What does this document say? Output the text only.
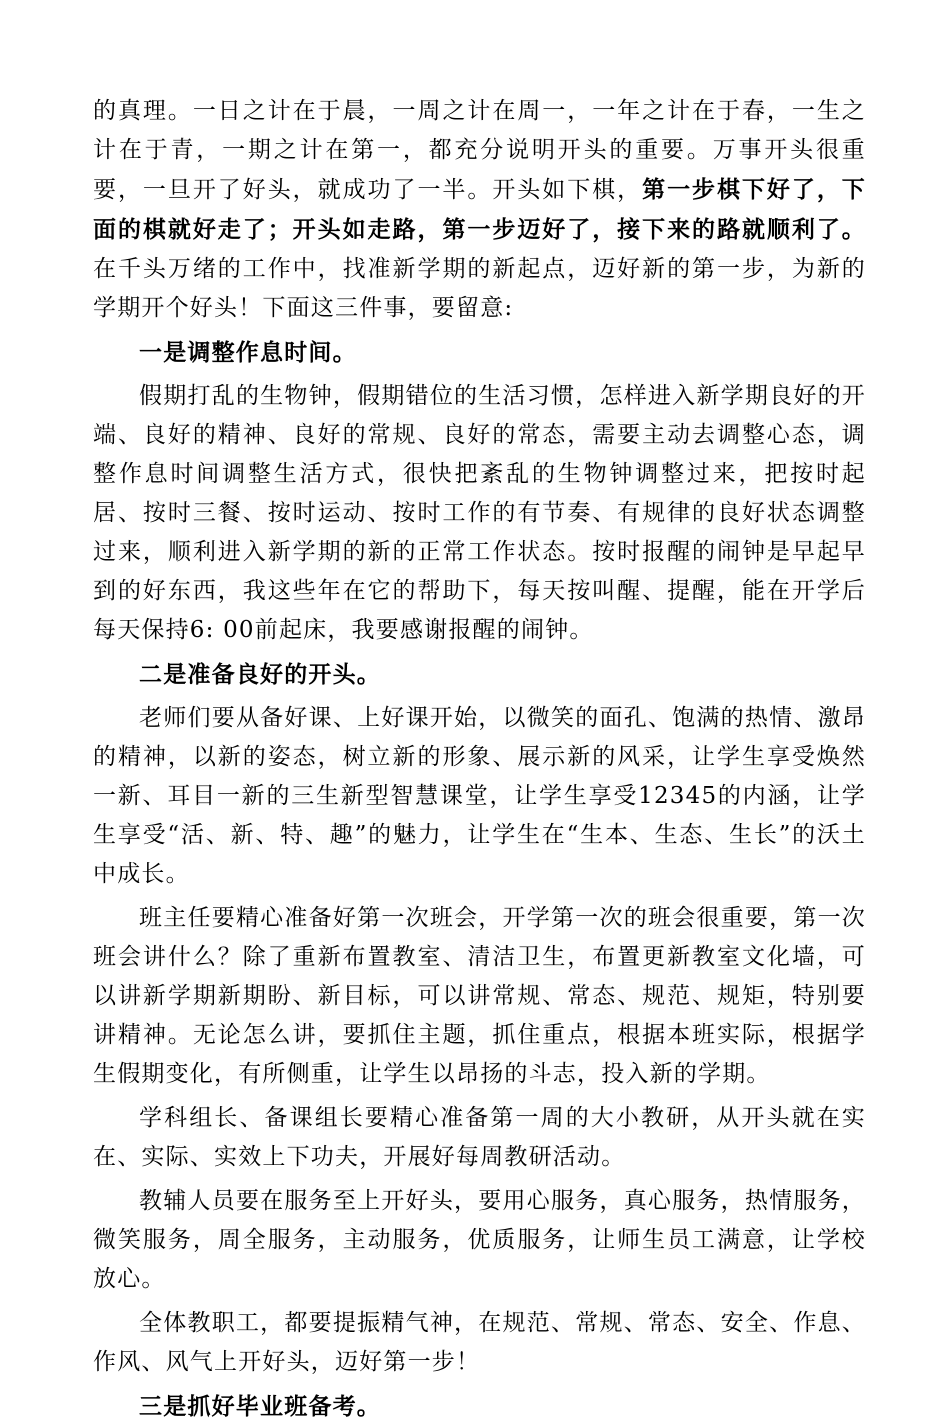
的真理。一日之计在于晨，一周之计在周一，一年之计在于春，一生之计在于青，一期之计在第一，都充分说明开头的重要。万事开头很重要，一旦开了好头，就成功了一半。开头如下棋，第一步棋下好了，下面的棋就好走了；开头如走路，第一步迈好了，接下来的路就顺利了。在千头万绪的工作中，找准新学期的新起点，迈好新的第一步，为新的学期开个好头！下面这三件事，要留意:

一是调整作息时间。

假期打乱的生物钟，假期错位的生活习惯，怎样进入新学期良好的开端、良好的精神、良好的常规、良好的常态，需要主动去调整心态，调整作息时间调整生活方式，很快把紊乱的生物钟调整过来，把按时起居、按时三餐、按时运动、按时工作的有节奏、有规律的良好状态调整过来，顺利进入新学期的新的正常工作状态。按时报醒的闹钟是早起早到的好东西，我这些年在它的帮助下，每天按叫醒、提醒，能在开学后每天保持6: 00前起床，我要感谢报醒的闹钟。

二是准备良好的开头。

老师们要从备好课、上好课开始，以微笑的面孔、饱满的热情、激昂的精神，以新的姿态，树立新的形象、展示新的风采，让学生享受焕然一新、耳目一新的三生新型智慧课堂，让学生享受12345的内涵，让学生享受“活、新、特、趣”的魅力，让学生在“生本、生态、生长”的沃土中成长。

班主任要精心准备好第一次班会，开学第一次的班会很重要，第一次班会讲什么？除了重新布置教室、清洁卫生，布置更新教室文化墙，可以讲新学期新期盼、新目标，可以讲常规、常态、规范、规矩，特别要讲精神。无论怎么讲，要抓住主题，抓住重点，根据本班实际，根据学生假期变化，有所侧重，让学生以昂扬的斗志，投入新的学期。

学科组长、备课组长要精心准备第一周的大小教研，从开头就在实在、实际、实效上下功夫，开展好每周教研活动。

教辅人员要在服务至上开好头，要用心服务，真心服务，热情服务，微笑服务，周全服务，主动服务，优质服务，让师生员工满意，让学校放心。

全体教职工，都要提振精气神，在规范、常规、常态、安全、作息、作风、风气上开好头，迈好第一步！

三是抓好毕业班备考。
